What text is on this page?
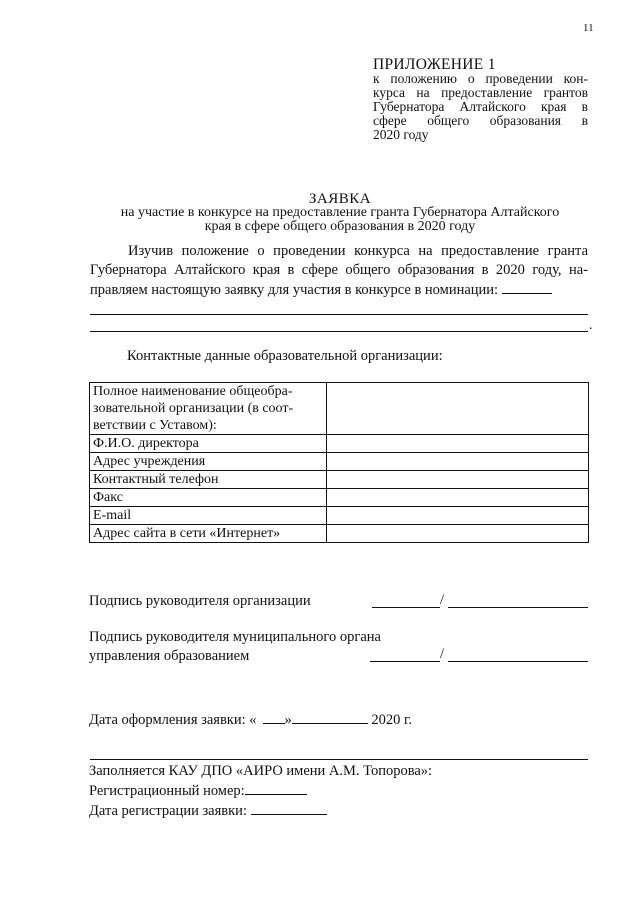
11
ПРИЛОЖЕНИЕ 1
к положению о проведении кон-
курса на предоставление грантов
Губернатора Алтайского края в
сфере общего образования в
2020 году
ЗАЯВКА
на участие в конкурсе на предоставление гранта Губернатора Алтайского
края в сфере общего образования в 2020 году
Изучив положение о проведении конкурса на предоставление гранта
Губернатора Алтайского края в сфере общего образования в 2020 году, на-
правляем настоящую заявку для участия в конкурсе в номинации:
.
Контактные данные образовательной организации:
Полное наименование общеобра-
зовательной организации (в соот-
ветствии с Уставом):	

Ф.И.О. директора	
Адрес учреждения	
Контактный телефон	
Факс	
E-mail	
Адрес сайта в сети «Интернет»	
Подпись руководителя организации	/
Подпись руководителя муниципального органа
управления образованием	/
Дата оформления заявки: « »	2020 г.
Заполняется КАУ ДПО «АИРО имени А.М. Топорова»:
Регистрационный номер:
Дата регистрации заявки:
